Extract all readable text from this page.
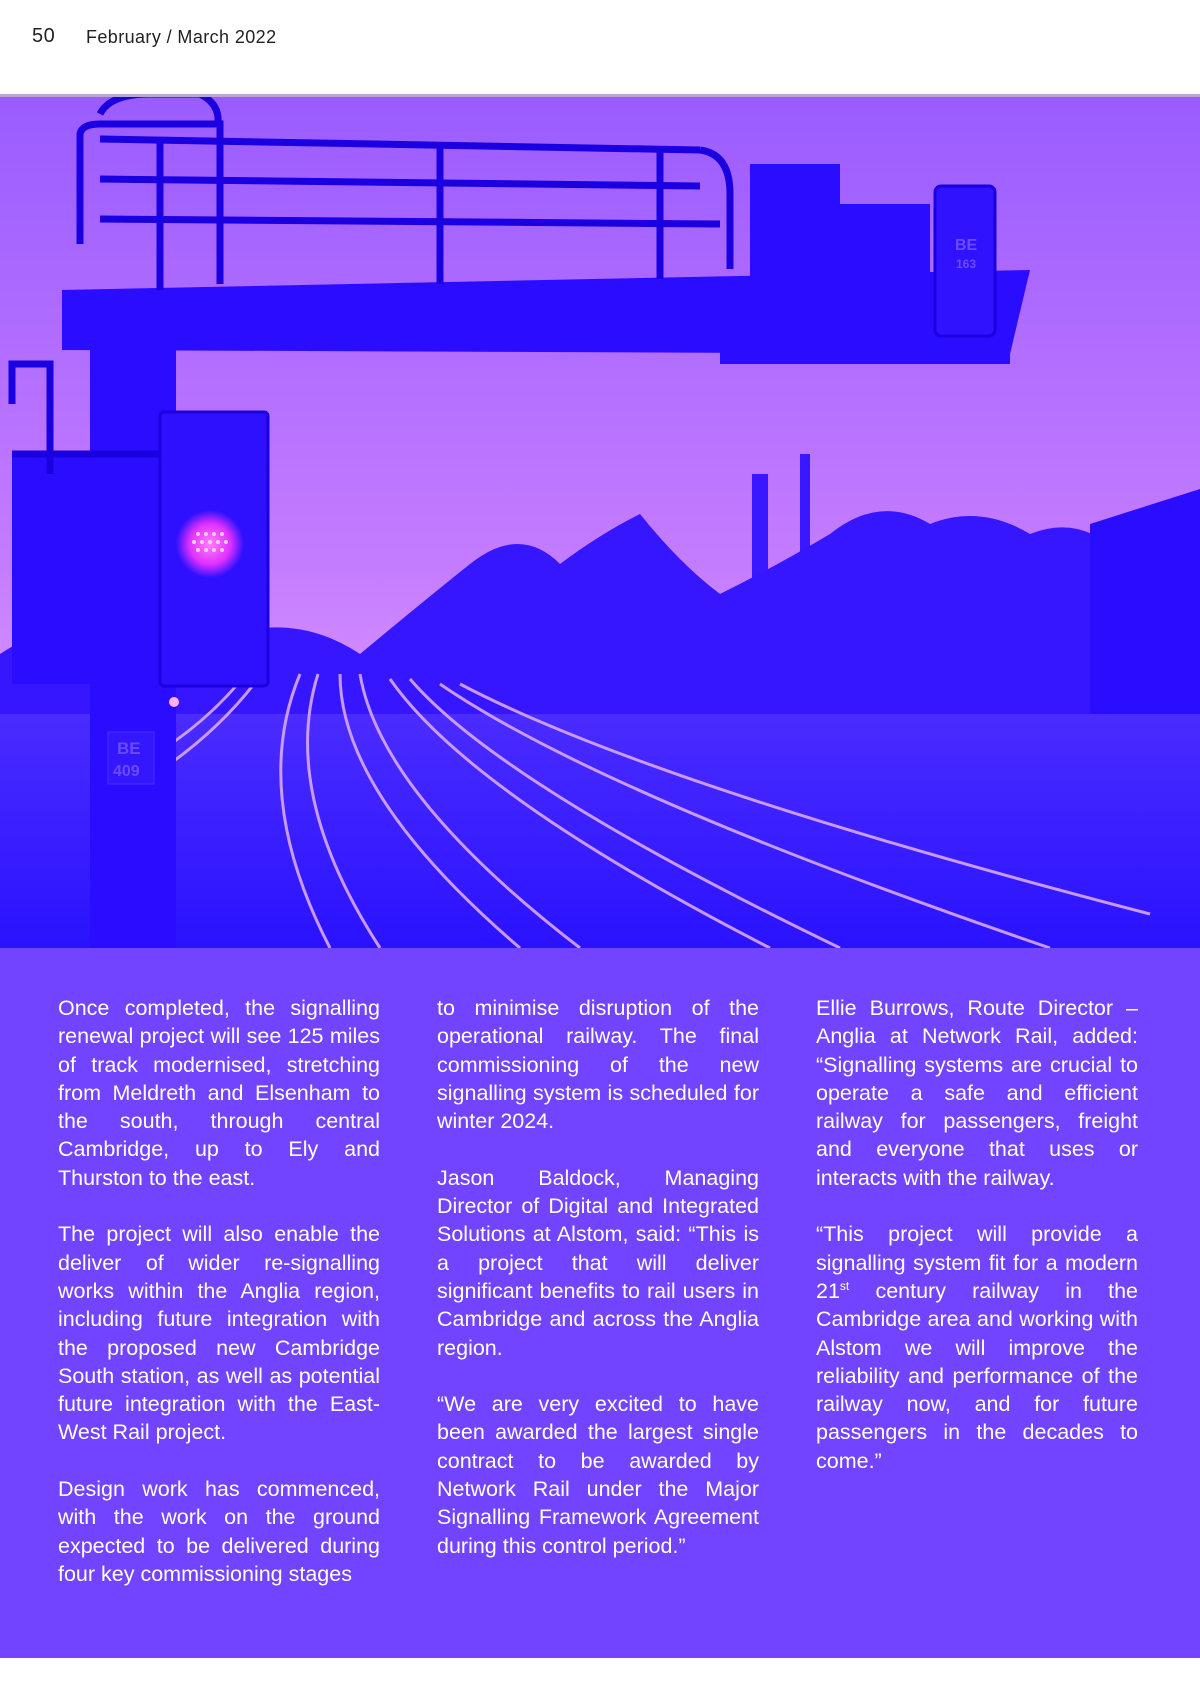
50 February / March 2022
BE
163
BE
409

Once completed, the signalling renewal project will see 125 miles of track modernised, stretching from Meldreth and Elsenham to the south, through central Cambridge, up to Ely and Thurston to the east.

The project will also enable the deliver of wider re-signalling works within the Anglia region, including future integration with the proposed new Cambridge South station, as well as potential future integration with the East-West Rail project.

Design work has commenced, with the work on the ground expected to be delivered during four key commissioning stages

to minimise disruption of the operational railway. The final commissioning of the new signalling system is scheduled for winter 2024.

Jason Baldock, Managing Director of Digital and Integrated Solutions at Alstom, said: “This is a project that will deliver significant benefits to rail users in Cambridge and across the Anglia region.

“We are very excited to have been awarded the largest single contract to be awarded by Network Rail under the Major Signalling Framework Agreement during this control period.”

Ellie Burrows, Route Director – Anglia at Network Rail, added: “Signalling systems are crucial to operate a safe and efficient railway for passengers, freight and everyone that uses or interacts with the railway.

“This project will provide a signalling system fit for a modern 21st century railway in the Cambridge area and working with Alstom we will improve the reliability and performance of the railway now, and for future passengers in the decades to come.”
